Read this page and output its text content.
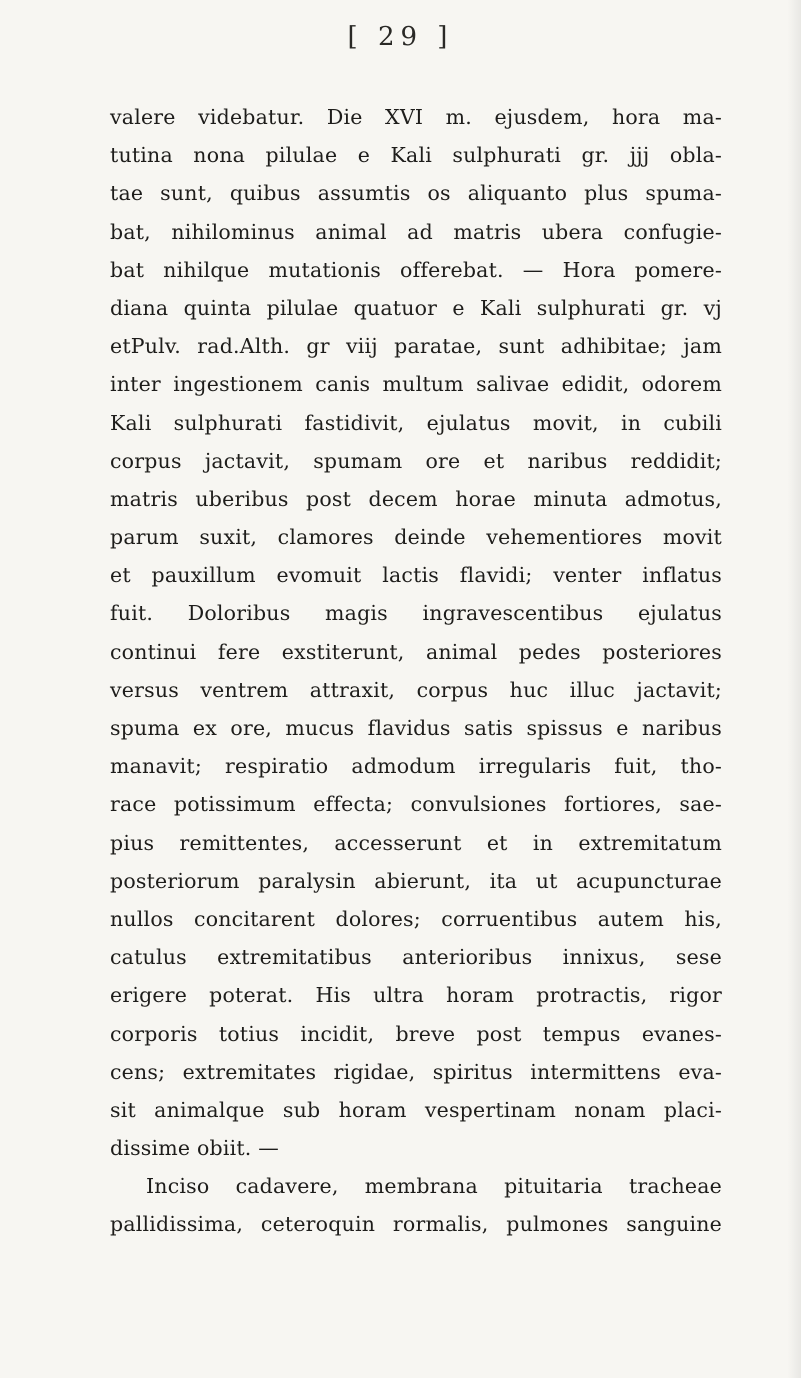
[ 29 ]
valere videbatur. Die XVI m. ejusdem, hora ma-
tutina nona pilulae e Kali sulphurati gr. jjj obla-
tae sunt, quibus assumtis os aliquanto plus spuma-
bat, nihilominus animal ad matris ubera confugie-
bat nihilque mutationis offerebat. — Hora pomere-
diana quinta pilulae quatuor e Kali sulphurati gr. vj
etPulv. rad.Alth. gr viij paratae, sunt adhibitae; jam
inter ingestionem canis multum salivae edidit, odorem
Kali sulphurati fastidivit, ejulatus movit, in cubili
corpus jactavit, spumam ore et naribus reddidit;
matris uberibus post decem horae minuta admotus,
parum suxit, clamores deinde vehementiores movit
et pauxillum evomuit lactis flavidi; venter inflatus
fuit. Doloribus magis ingravescentibus ejulatus
continui fere exstiterunt, animal pedes posteriores
versus ventrem attraxit, corpus huc illuc jactavit;
spuma ex ore, mucus flavidus satis spissus e naribus
manavit; respiratio admodum irregularis fuit, tho-
race potissimum effecta; convulsiones fortiores, sae-
pius remittentes, accesserunt et in extremitatum
posteriorum paralysin abierunt, ita ut acupuncturae
nullos concitarent dolores; corruentibus autem his,
catulus extremitatibus anterioribus innixus, sese
erigere poterat. His ultra horam protractis, rigor
corporis totius incidit, breve post tempus evanes-
cens; extremitates rigidae, spiritus intermittens eva-
sit animalque sub horam vespertinam nonam placi-
dissime obiit. —
Inciso cadavere, membrana pituitaria tracheae
pallidissima, ceteroquin rormalis, pulmones sanguine
